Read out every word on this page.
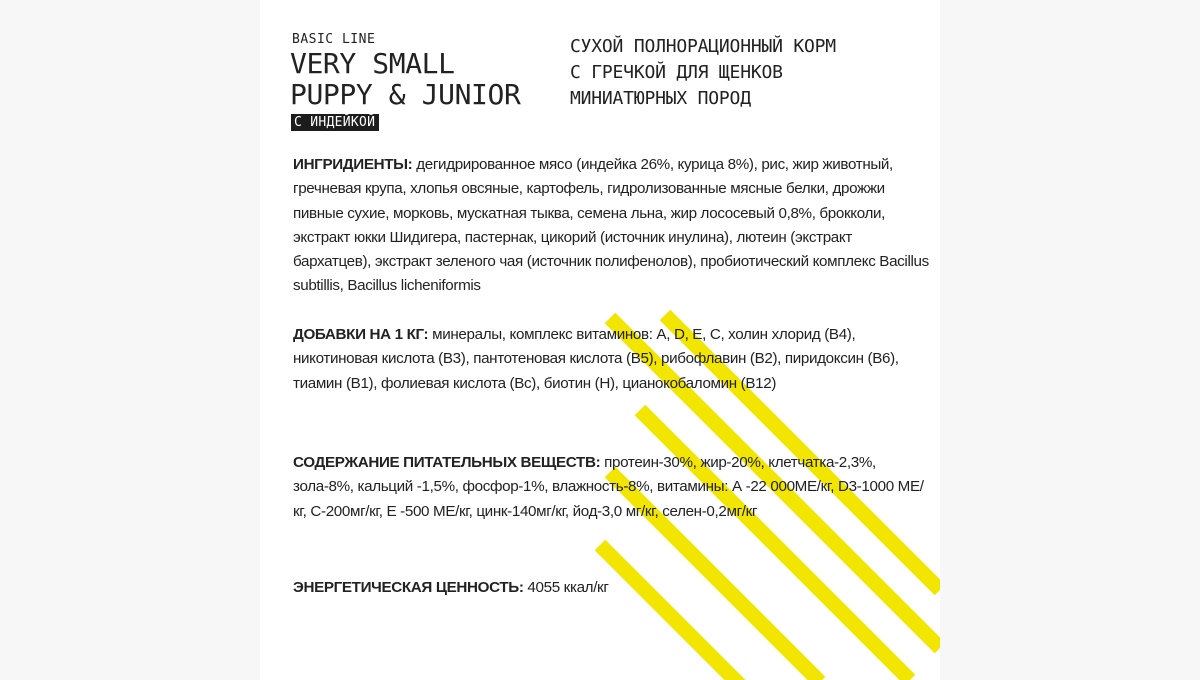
BASIC LINE
VERY SMALL
PUPPY & JUNIOR
С ИНДЕЙКОЙ
СУХОЙ ПОЛНОРАЦИОННЫЙ КОРМ
С ГРЕЧКОЙ ДЛЯ ЩЕНКОВ
МИНИАТЮРНЫХ ПОРОД
ИНГРИДИЕНТЫ: дегидрированное мясо (индейка 26%, курица 8%), рис, жир животный, гречневая крупа, хлопья овсяные, картофель, гидролизованные мясные белки, дрожжи пивные сухие, морковь, мускатная тыква, семена льна, жир лососевый 0,8%, брокколи, экстракт юкки Шидигера, пастернак, цикорий (источник инулина), лютеин (экстракт бархатцев), экстракт зеленого чая (источник полифенолов), пробиотический комплекс Bacillus subtillis, Bacillus licheniformis
ДОБАВКИ НА 1 КГ: минералы, комплекс витаминов: A, D, E, C, холин хлорид (B4), никотиновая кислота (B3), пантотеновая кислота (B5), рибофлавин (B2), пиридоксин (B6), тиамин (B1), фолиевая кислота (Bc), биотин (H), цианокобаломин (B12)
СОДЕРЖАНИЕ ПИТАТЕЛЬНЫХ ВЕЩЕСТВ: протеин-30%, жир-20%, клетчатка-2,3%, зола-8%, кальций -1,5%, фосфор-1%, влажность-8%, витамины: А -22 000МЕ/кг, D3-1000 МЕ/кг, С-200мг/кг, Е -500 МЕ/кг, цинк-140мг/кг, йод-3,0 мг/кг, селен-0,2мг/кг
ЭНЕРГЕТИЧЕСКАЯ ЦЕННОСТЬ: 4055 ккал/кг
